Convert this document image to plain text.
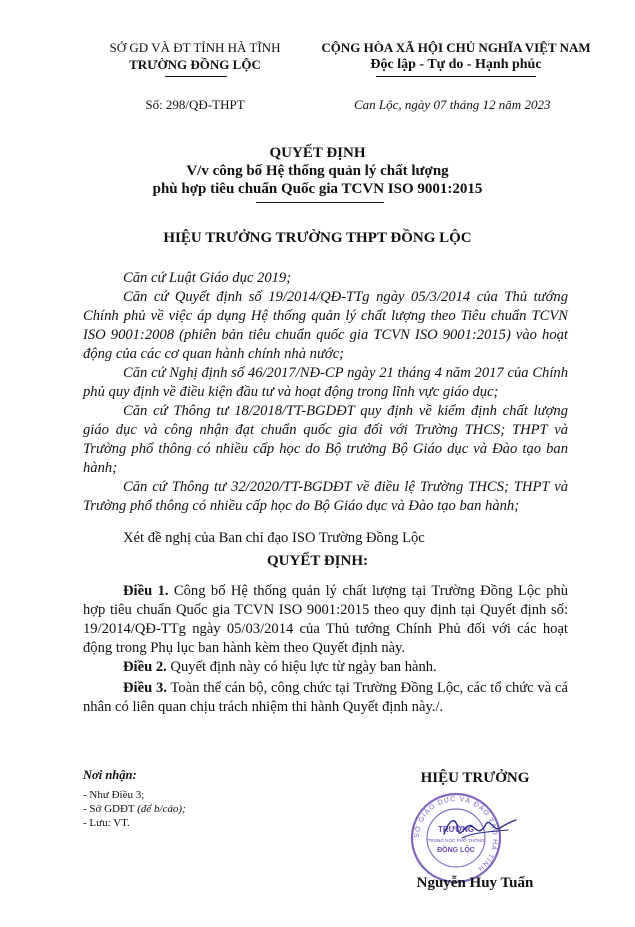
SỞ GD VÀ ĐT TỈNH HÀ TĨNH
TRƯỜNG ĐỒNG LỘC
Số: 298/QĐ-THPT
CỘNG HÒA XÃ HỘI CHỦ NGHĨA VIỆT NAM
Độc lập - Tự do - Hạnh phúc
Can Lộc, ngày 07 tháng 12 năm 2023
QUYẾT ĐỊNH
V/v công bố Hệ thống quản lý chất lượng
phù hợp tiêu chuẩn Quốc gia TCVN ISO 9001:2015
HIỆU TRƯỞNG TRƯỜNG THPT ĐỒNG LỘC
Căn cứ Luật Giáo dục 2019;
Căn cứ Quyết định số 19/2014/QĐ-TTg ngày 05/3/2014 của Thủ tướng Chính phủ về việc áp dụng Hệ thống quản lý chất lượng theo Tiêu chuẩn TCVN ISO 9001:2008 (phiên bản tiêu chuẩn quốc gia TCVN ISO 9001:2015) vào hoạt động của các cơ quan hành chính nhà nước;
Căn cứ Nghị định số 46/2017/NĐ-CP ngày 21 tháng 4 năm 2017 của Chính phủ quy định về điều kiện đầu tư và hoạt động trong lĩnh vực giáo dục;
Căn cứ Thông tư 18/2018/TT-BGDĐT quy định về kiểm định chất lượng giáo dục và công nhận đạt chuẩn quốc gia đối với Trường THCS; THPT và Trường phổ thông có nhiều cấp học do Bộ trưởng Bộ Giáo dục và Đào tạo ban hành;
Căn cứ Thông tư 32/2020/TT-BGDĐT về điều lệ Trường THCS; THPT và Trường phổ thông có nhiều cấp học do Bộ Giáo dục và Đào tạo ban hành;
Xét đề nghị của Ban chỉ đạo ISO Trường Đồng Lộc
QUYẾT ĐỊNH:
Điều 1. Công bố Hệ thống quản lý chất lượng tại Trường Đồng Lộc phù hợp tiêu chuẩn Quốc gia TCVN ISO 9001:2015 theo quy định tại Quyết định số: 19/2014/QĐ-TTg ngày 05/03/2014 của Thủ tướng Chính Phủ đối với các hoạt động trong Phụ lục ban hành kèm theo Quyết định này.
Điều 2. Quyết định này có hiệu lực từ ngày ban hành.
Điều 3. Toàn thể cán bộ, công chức tại Trường Đồng Lộc, các tổ chức và cá nhân có liên quan chịu trách nhiệm thi hành Quyết định này./.
Nơi nhận:
- Như Điều 3;
- Sở GDĐT (để b/cáo);
- Lưu: VT.
HIỆU TRƯỞNG
SỞ GIÁO DỤC VÀ ĐÀO TẠO HÀ TĨNH
TRƯỜNG
TRUNG HỌC PHỔ THÔNG
ĐỒNG LỘC
Nguyễn Huy Tuấn
